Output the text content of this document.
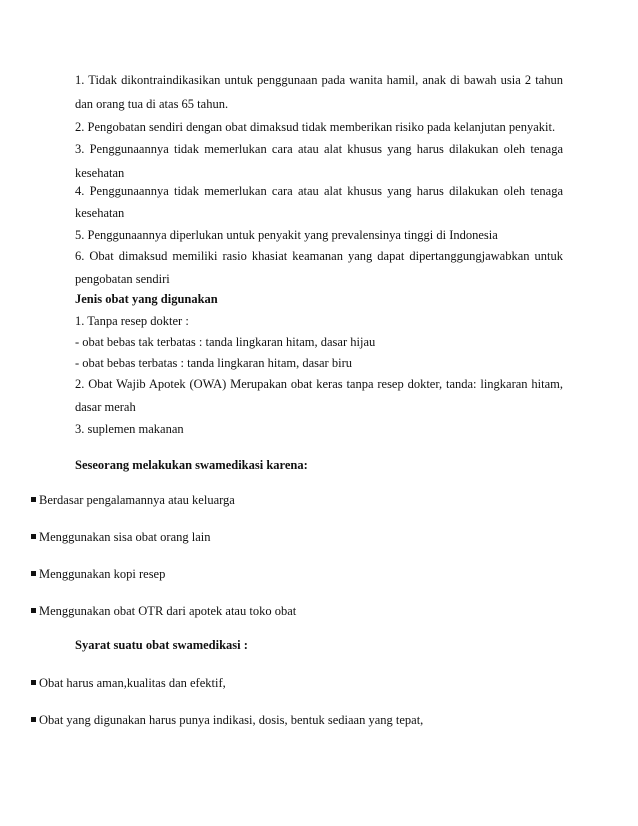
1. Tidak dikontraindikasikan untuk penggunaan pada wanita hamil, anak di bawah usia 2 tahun
dan orang tua di atas 65 tahun.
2. Pengobatan sendiri dengan obat dimaksud tidak memberikan risiko pada kelanjutan penyakit.
3. Penggunaannya tidak memerlukan cara atau alat khusus yang harus dilakukan oleh tenaga
kesehatan
4. Penggunaannya tidak memerlukan cara atau alat khusus yang harus dilakukan oleh tenaga
kesehatan
5. Penggunaannya diperlukan untuk penyakit yang prevalensinya tinggi di Indonesia
6. Obat dimaksud memiliki rasio khasiat keamanan yang dapat dipertanggungjawabkan untuk
pengobatan sendiri
Jenis obat yang digunakan
1. Tanpa resep dokter :
- obat bebas tak terbatas : tanda lingkaran hitam, dasar hijau
- obat bebas terbatas : tanda lingkaran hitam, dasar biru
2. Obat Wajib Apotek (OWA) Merupakan obat keras tanpa resep dokter, tanda: lingkaran hitam,
dasar merah
3. suplemen makanan
Seseorang melakukan swamedikasi karena:
Berdasar pengalamannya atau keluarga
Menggunakan sisa obat orang lain
Menggunakan kopi resep
Menggunakan obat OTR dari apotek atau toko obat
Syarat suatu obat swamedikasi :
Obat harus aman,kualitas dan efektif,
Obat yang digunakan harus punya indikasi, dosis, bentuk sediaan yang tepat,
